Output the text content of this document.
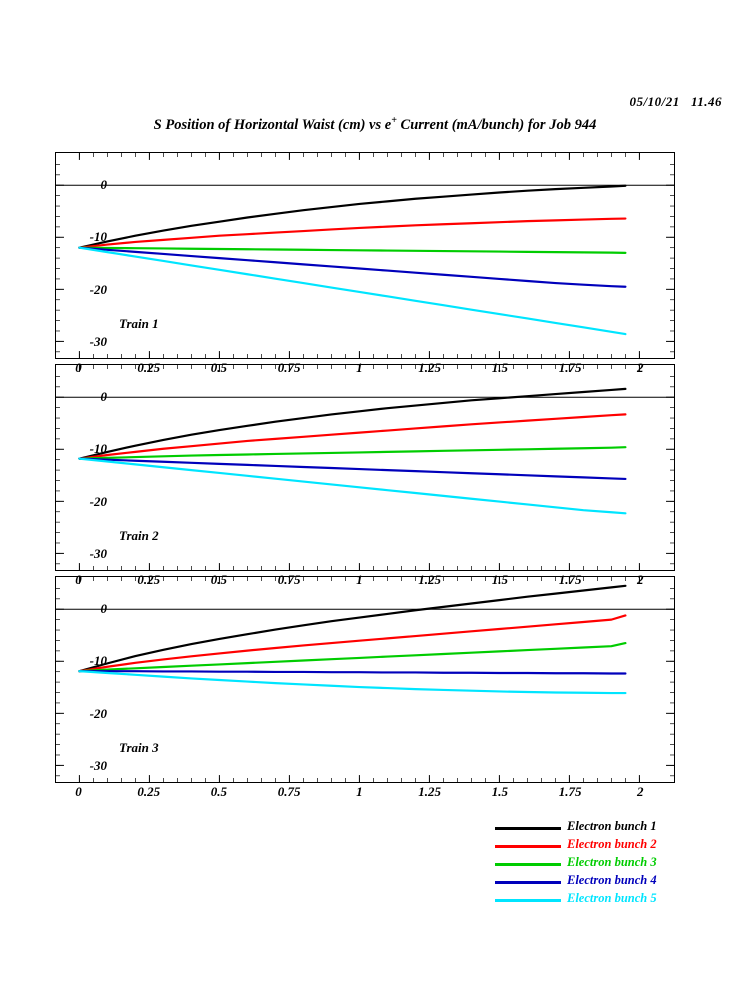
05/10/21   11.46
S Position of Horizontal Waist (cm) vs e+ Current (mA/bunch) for Job 944
Train 1
Train 2
Train 3
0
-10
-20
-30
0
-10
-20
-30
0
-10
-20
-30
0	0.25	0.5	0.75	1	1.25	1.5	1.75	2
0	0.25	0.5	0.75	1	1.25	1.5	1.75	2
0	0.25	0.5	0.75	1	1.25	1.5	1.75	2
Electron bunch 1
Electron bunch 2
Electron bunch 3
Electron bunch 4
Electron bunch 5
